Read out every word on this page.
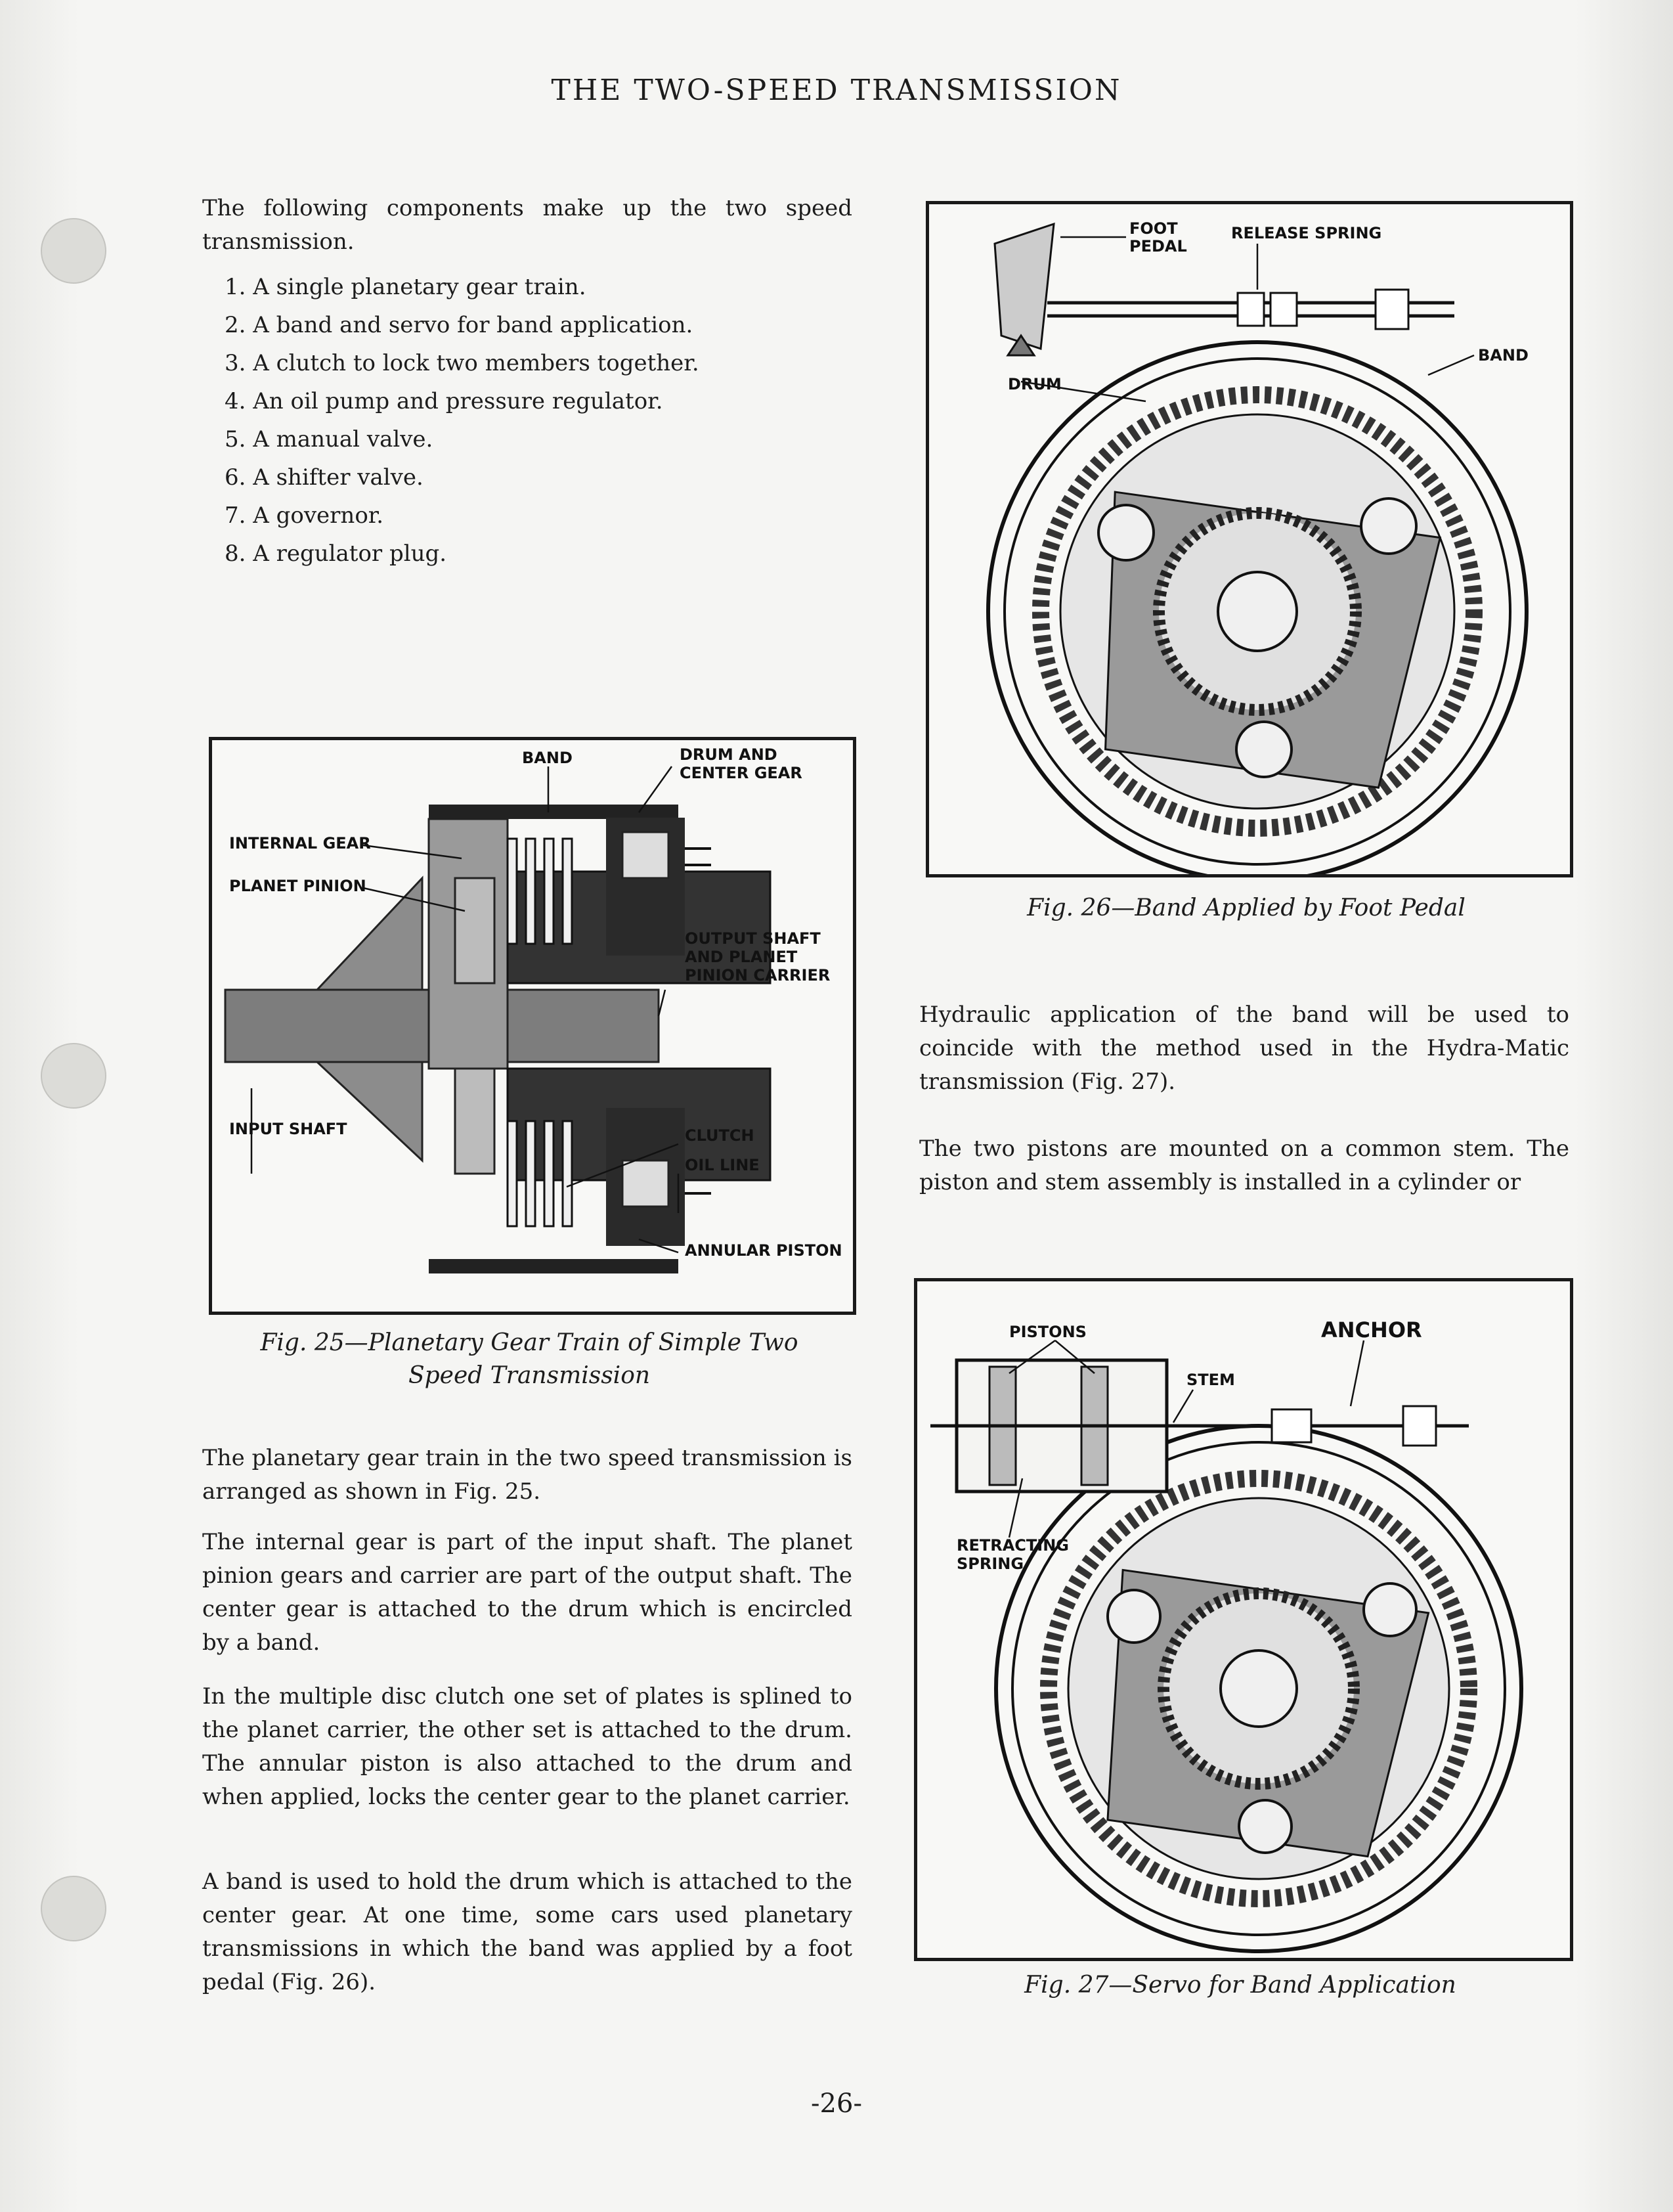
THE TWO-SPEED TRANSMISSION
The following components make up the two speed transmission.
1. A single planetary gear train.
2. A band and servo for band application.
3. A clutch to lock two members together.
4. An oil pump and pressure regulator.
5. A manual valve.
6. A shifter valve.
7. A governor.
8. A regulator plug.
BAND	DRUM AND
CENTER GEAR
INTERNAL GEAR
PLANET PINION
OUTPUT SHAFT
AND PLANET
PINION CARRIER
INPUT SHAFT	CLUTCH
OIL LINE
ANNULAR PISTON
Fig. 25—Planetary Gear Train of Simple Two
Speed Transmission
The planetary gear train in the two speed transmission is arranged as shown in Fig. 25.
The internal gear is part of the input shaft. The planet pinion gears and carrier are part of the output shaft. The center gear is attached to the drum which is encircled by a band.
In the multiple disc clutch one set of plates is splined to the planet carrier, the other set is attached to the drum. The annular piston is also attached to the drum and when applied, locks the center gear to the planet carrier.
A band is used to hold the drum which is attached to the center gear. At one time, some cars used planetary transmissions in which the band was applied by a foot pedal (Fig. 26).
FOOT
PEDAL
RELEASE SPRING
BAND
DRUM
Fig. 26—Band Applied by Foot Pedal
Hydraulic application of the band will be used to coincide with the method used in the Hydra-Matic transmission (Fig. 27).
The two pistons are mounted on a common stem. The piston and stem assembly is installed in a cylinder or
PISTONS	ANCHOR
STEM
RETRACTING
SPRING
Fig. 27—Servo for Band Application
-26-
